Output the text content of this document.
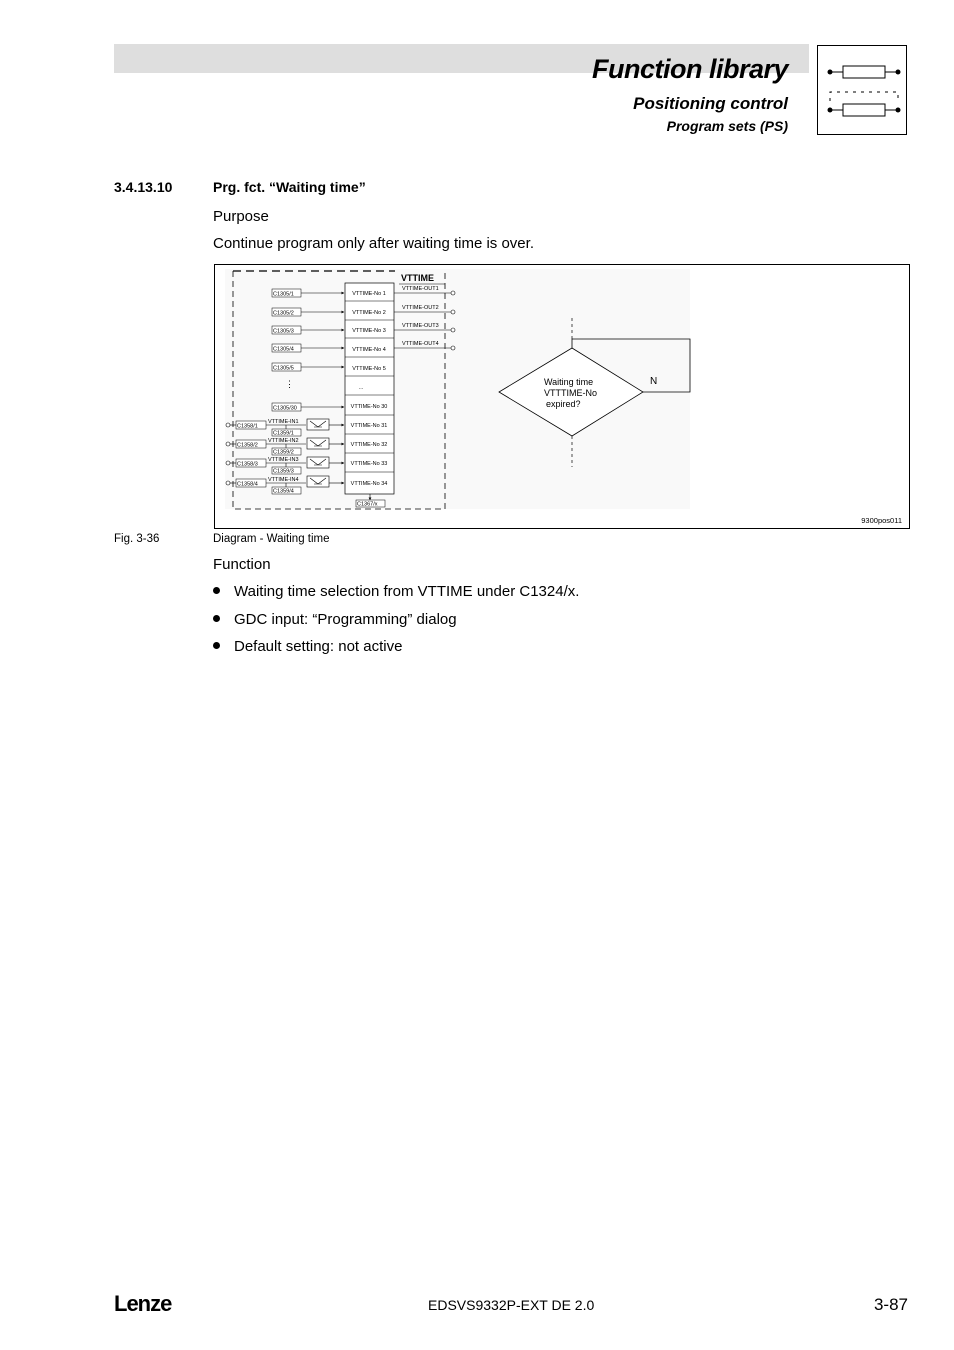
Function library
Positioning control
Program sets (PS)
3.4.13.10	Prg. fct. “Waiting time”
Purpose
Continue program only after waiting time is over.
VTTIME
VTTIME-No 1
VTTIME-No 2
VTTIME-No 3
VTTIME-No 4
VTTIME-No 5
...
VTTIME-No 30
VTTIME-No 31
VTTIME-No 32
VTTIME-No 33
VTTIME-No 34
C1305/1
C1305/2
C1305/3
C1305/4
C1305/5
⋮
C1305/30
C1358/1
VTTIME-IN1
C1359/1
C1358/2
VTTIME-IN2
C1359/2
C1358/3
VTTIME-IN3
C1359/3
C1358/4
VTTIME-IN4
C1359/4
VTTIME-OUT1
VTTIME-OUT2
VTTIME-OUT3
VTTIME-OUT4
C1367/x
Waiting time
VTTTIME-No
expired?
N
9300pos011
Fig. 3-36	Diagram - Waiting time
Function
Waiting time selection from VTTIME under C1324/x.
GDC input: “Programming” dialog
Default setting: not active
Lenze	EDSVS9332P-EXT DE 2.0	3-87
